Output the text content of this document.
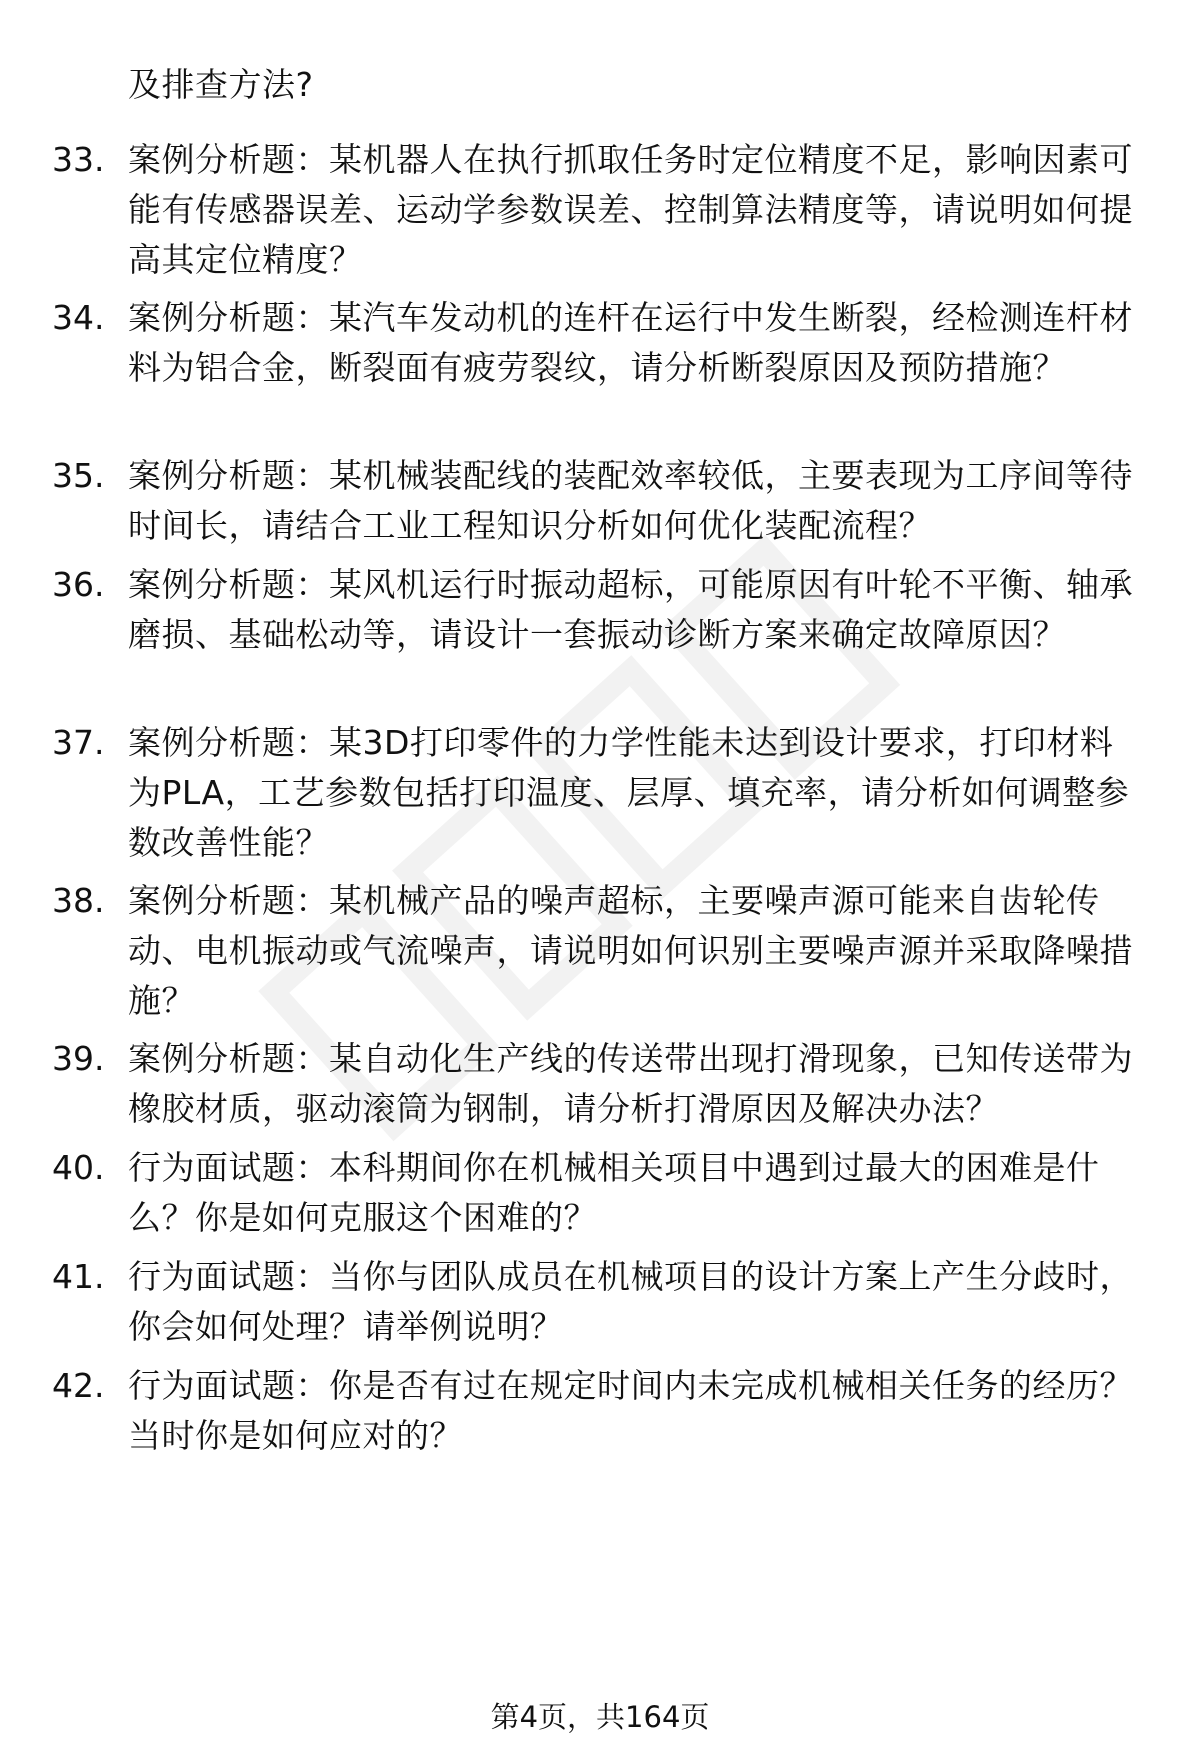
及排查方法?
33. 案例分析题：某机器人在执行抓取任务时定位精度不足，影响因素可能有传感器误差、运动学参数误差、控制算法精度等，请说明如何提高其定位精度？
34. 案例分析题：某汽车发动机的连杆在运行中发生断裂，经检测连杆材料为铝合金，断裂面有疲劳裂纹，请分析断裂原因及预防措施？
35. 案例分析题：某机械装配线的装配效率较低，主要表现为工序间等待时间长，请结合工业工程知识分析如何优化装配流程？
36. 案例分析题：某风机运行时振动超标，可能原因有叶轮不平衡、轴承磨损、基础松动等，请设计一套振动诊断方案来确定故障原因？
37. 案例分析题：某3D打印零件的力学性能未达到设计要求，打印材料为PLA，工艺参数包括打印温度、层厚、填充率，请分析如何调整参数改善性能？
38. 案例分析题：某机械产品的噪声超标，主要噪声源可能来自齿轮传动、电机振动或气流噪声，请说明如何识别主要噪声源并采取降噪措施？
39. 案例分析题：某自动化生产线的传送带出现打滑现象，已知传送带为橡胶材质，驱动滚筒为钢制，请分析打滑原因及解决办法？
40. 行为面试题：本科期间你在机械相关项目中遇到过最大的困难是什么？你是如何克服这个困难的？
41. 行为面试题：当你与团队成员在机械项目的设计方案上产生分歧时，你会如何处理？请举例说明？
42. 行为面试题：你是否有过在规定时间内未完成机械相关任务的经历？当时你是如何应对的？
第4页，共164页
